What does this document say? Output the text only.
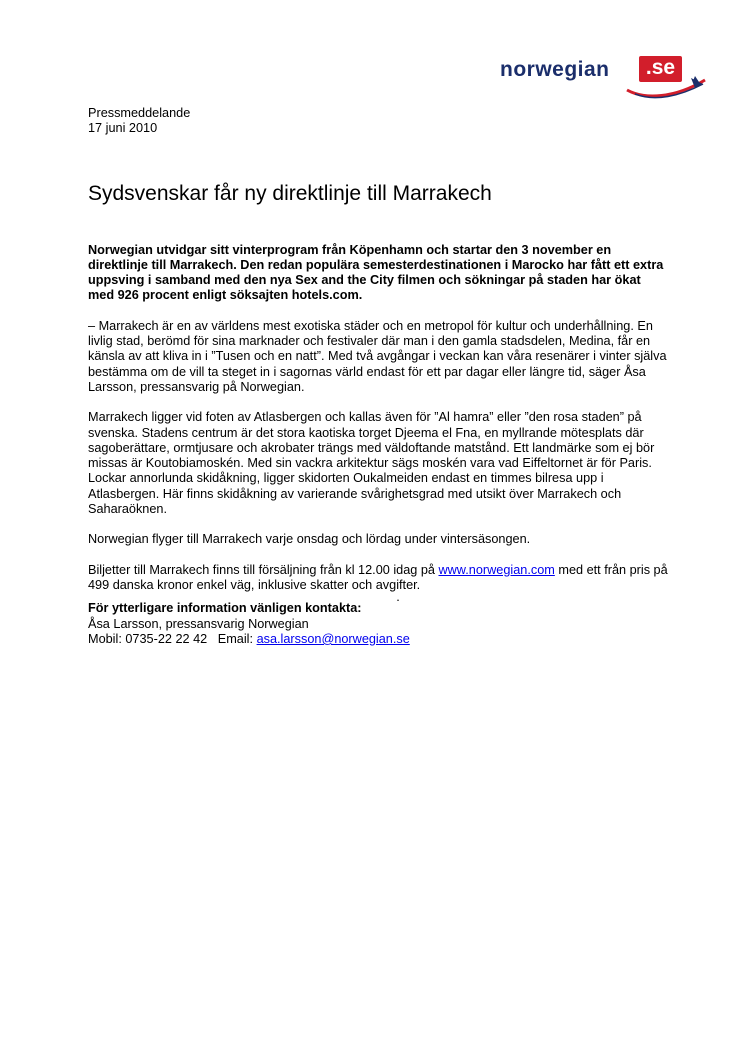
norwegian	.se
Pressmeddelande
17 juni 2010
Sydsvenskar får ny direktlinje till Marrakech

Norwegian utvidgar sitt vinterprogram från Köpenhamn och startar den 3 november en direktlinje till Marrakech. Den redan populära semesterdestinationen i Marocko har fått ett extra uppsving i samband med den nya Sex and the City filmen och sökningar på staden har ökat med 926 procent enligt söksajten hotels.com.

– Marrakech är en av världens mest exotiska städer och en metropol för kultur och underhållning. En livlig stad, berömd för sina marknader och festivaler där man i den gamla stadsdelen, Medina, får en känsla av att kliva in i ”Tusen och en natt”. Med två avgångar i veckan kan våra resenärer i vinter själva bestämma om de vill ta steget in i sagornas värld endast för ett par dagar eller längre tid, säger Åsa Larsson, pressansvarig på Norwegian.

Marrakech ligger vid foten av Atlasbergen och kallas även för ”Al hamra” eller ”den rosa staden” på svenska. Stadens centrum är det stora kaotiska torget Djeema el Fna, en myllrande mötesplats där sagoberättare, ormtjusare och akrobater trängs med väldoftande matstånd. Ett landmärke som ej bör missas är Koutobiamoskén. Med sin vackra arkitektur sägs moskén vara vad Eiffeltornet är för Paris. Lockar annorlunda skidåkning, ligger skidorten Oukalmeiden endast en timmes bilresa upp i Atlasbergen. Här finns skidåkning av varierande svårighetsgrad med utsikt över Marrakech och Saharaöknen.

Norwegian flyger till Marrakech varje onsdag och lördag under vintersäsongen.

Biljetter till Marrakech finns till försäljning från kl 12.00 idag på www.norwegian.com med ett från pris på 499 danska kronor enkel väg, inklusive skatter och avgifter.

.
För ytterligare information vänligen kontakta:
Åsa Larsson, pressansvarig Norwegian
Mobil: 0735-22 22 42   Email: asa.larsson@norwegian.se
